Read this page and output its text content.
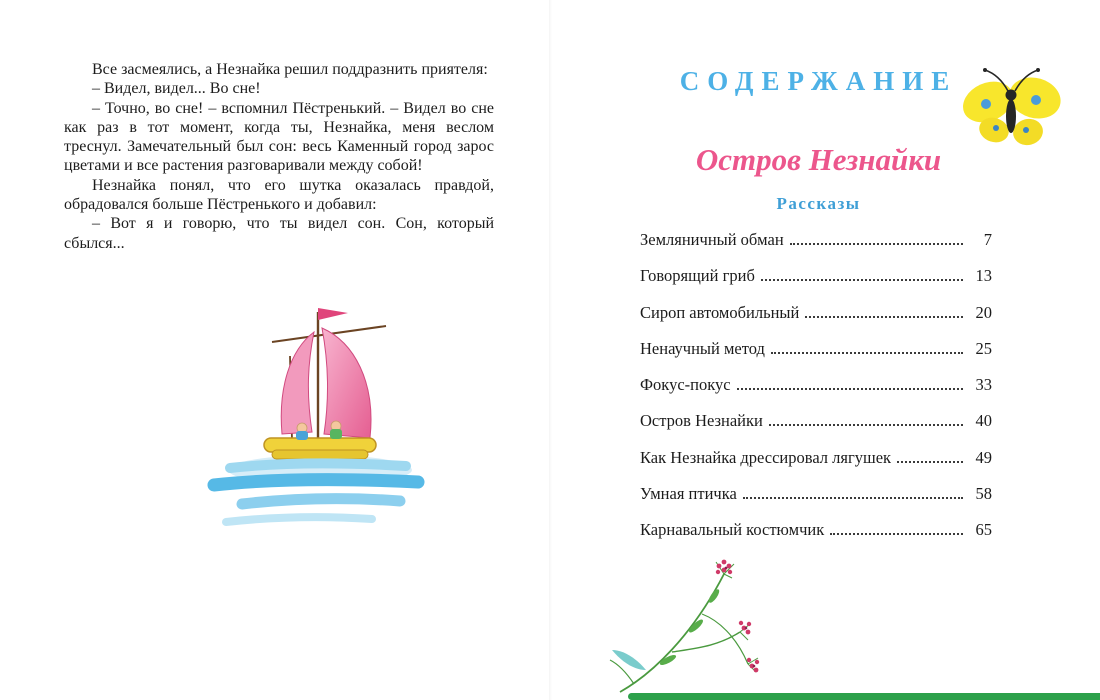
Все засмеялись, а Незнайка решил поддразнить приятеля:

– Видел, видел... Во сне!

– Точно, во сне! – вспомнил Пёстренький. – Видел во сне как раз в тот момент, когда ты, Незнайка, меня веслом треснул. Замечательный был сон: весь Каменный город зарос цветами и все растения разговаривали между собой!

Незнайка понял, что его шутка оказалась правдой, обрадовался больше Пёстренького и добавил:

– Вот я и говорю, что ты видел сон. Сон, который сбылся...

СОДЕРЖАНИЕ
Остров Незнайки
Рассказы
Земляничный обман	7
Говорящий гриб	13
Сироп автомобильный	20
Ненаучный метод	25
Фокус-покус	33
Остров Незнайки	40
Как Незнайка дрессировал лягушек	49
Умная птичка	58
Карнавальный костюмчик	65
